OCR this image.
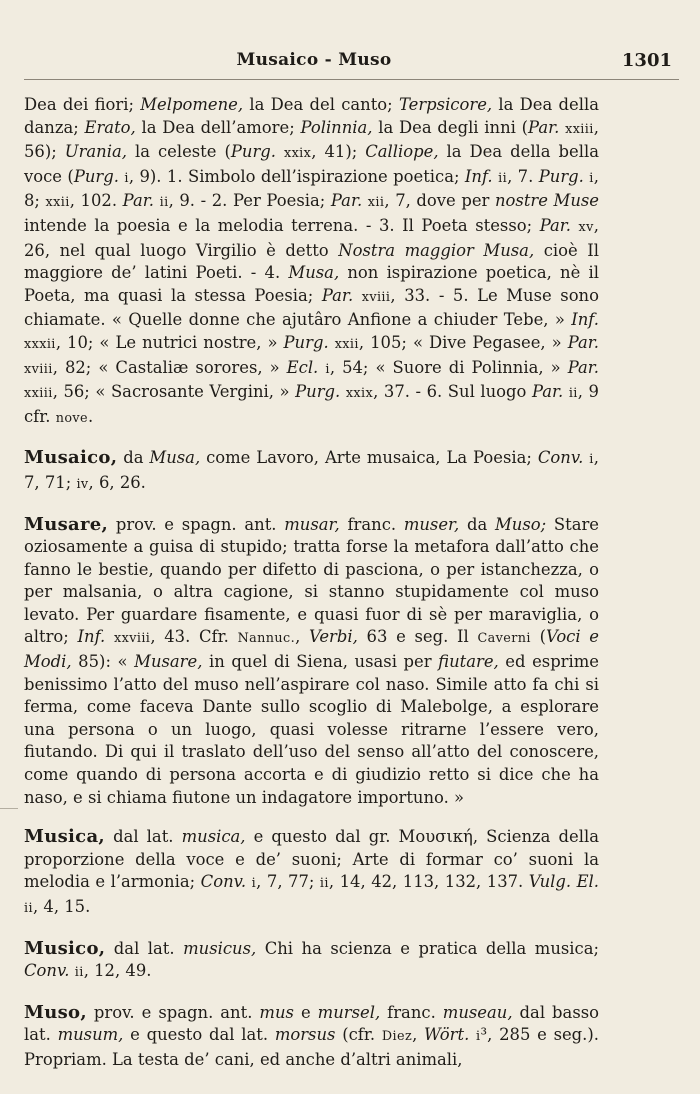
Musaico - Muso	1301

Dea dei fiori; Melpomene, la Dea del canto; Terpsicore, la Dea della danza; Erato, la Dea dell’amore; Polinnia, la Dea degli inni (Par. xxiii, 56); Urania, la celeste (Purg. xxix, 41); Calliope, la Dea della bella voce (Purg. i, 9). 1. Simbolo dell’ispirazione poetica; Inf. ii, 7. Purg. i, 8; xxii, 102. Par. ii, 9. - 2. Per Poesia; Par. xii, 7, dove per nostre Muse intende la poesia e la melodia terrena. - 3. Il Poeta stesso; Par. xv, 26, nel qual luogo Virgilio è detto Nostra maggior Musa, cioè Il maggiore de’ latini Poeti. - 4. Musa, non ispirazione poetica, nè il Poeta, ma quasi la stessa Poesia; Par. xviii, 33. - 5. Le Muse sono chiamate. « Quelle donne che ajutâro Anfione a chiuder Tebe, » Inf. xxxii, 10; « Le nutrici nostre, » Purg. xxii, 105; « Dive Pegasee, » Par. xviii, 82; « Castaliæ sorores, » Ecl. i, 54; « Suore di Polinnia, » Par. xxiii, 56; « Sacrosante Vergini, » Purg. xxix, 37. - 6. Sul luogo Par. ii, 9 cfr. nove.

Musaico, da Musa, come Lavoro, Arte musaica, La Poesia; Conv. i, 7, 71; iv, 6, 26.

Musare, prov. e spagn. ant. musar, franc. muser, da Muso; Stare oziosamente a guisa di stupido; tratta forse la metafora dall’atto che fanno le bestie, quando per difetto di pasciona, o per istanchezza, o per malsania, o altra cagione, si stanno stupidamente col muso levato. Per guardare fisamente, e quasi fuor di sè per maraviglia, o altro; Inf. xxviii, 43. Cfr. Nannuc., Verbi, 63 e seg. Il Caverni (Voci e Modi, 85): « Musare, in quel di Siena, usasi per fiutare, ed esprime benissimo l’atto del muso nell’aspirare col naso. Simile atto fa chi si ferma, come faceva Dante sullo scoglio di Malebolge, a esplorare una persona o un luogo, quasi volesse ritrarne l’essere vero, fiutando. Di qui il traslato dell’uso del senso all’atto del conoscere, come quando di persona accorta e di giudizio retto si dice che ha naso, e si chiama fiutone un indagatore importuno. »

Musica, dal lat. musica, e questo dal gr. Μουσική, Scienza della proporzione della voce e de’ suoni; Arte di formar co’ suoni la melodia e l’armonia; Conv. i, 7, 77; ii, 14, 42, 113, 132, 137. Vulg. El. ii, 4, 15.

Musico, dal lat. musicus, Chi ha scienza e pratica della musica; Conv. ii, 12, 49.

Muso, prov. e spagn. ant. mus e mursel, franc. museau, dal basso lat. musum, e questo dal lat. morsus (cfr. Diez, Wört. i³, 285 e seg.). Propriam. La testa de’ cani, ed anche d’altri animali,
